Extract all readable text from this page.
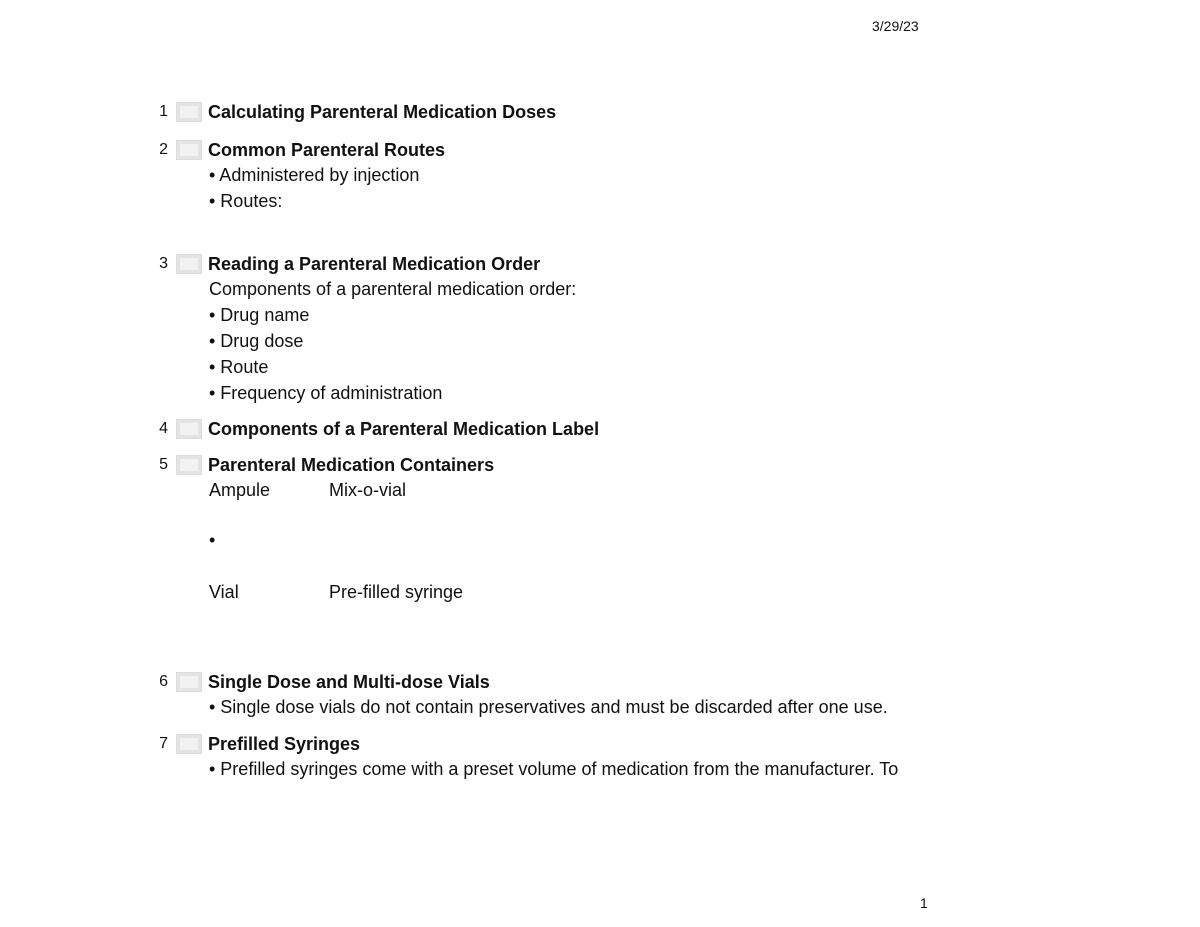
3/29/23
1 Calculating Parenteral Medication Doses
2 Common Parenteral Routes
• Administered by injection
• Routes:
3 Reading a Parenteral Medication Order
Components of a parenteral medication order:
• Drug name
• Drug dose
• Route
• Frequency of administration
4 Components of a Parenteral Medication Label
5 Parenteral Medication Containers
Ampule	Mix-o-vial
•
Vial	Pre-filled syringe
6 Single Dose and Multi-dose Vials
• Single dose vials do not contain preservatives and must be discarded after one use.
7 Prefilled Syringes
• Prefilled syringes come with a preset volume of medication from the manufacturer. To
1
